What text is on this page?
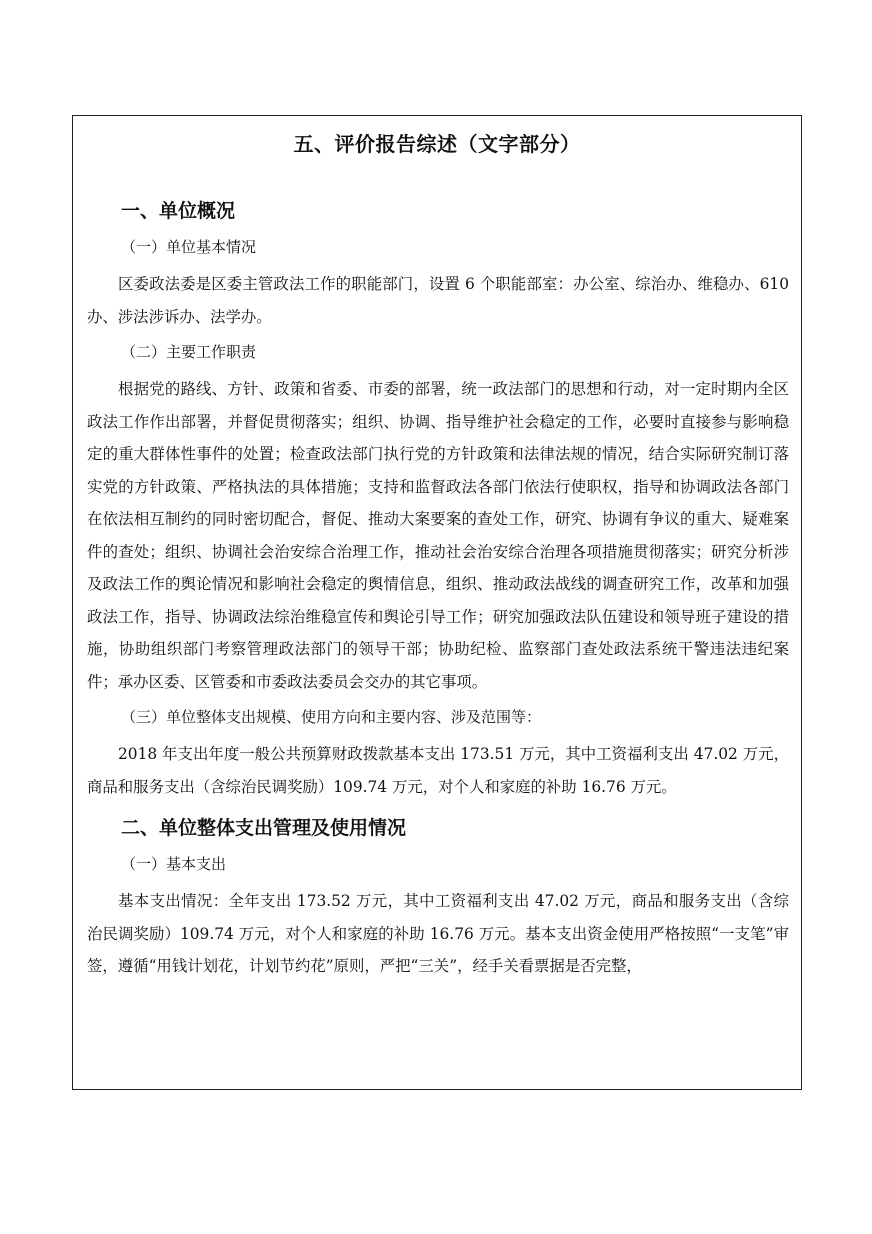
五、评价报告综述（文字部分）
一、单位概况
（一）单位基本情况

区委政法委是区委主管政法工作的职能部门，设置 6 个职能部室：办公室、综治办、维稳办、610 办、涉法涉诉办、法学办。

（二）主要工作职责

根据党的路线、方针、政策和省委、市委的部署，统一政法部门的思想和行动，对一定时期内全区政法工作作出部署，并督促贯彻落实；组织、协调、指导维护社会稳定的工作，必要时直接参与影响稳定的重大群体性事件的处置；检查政法部门执行党的方针政策和法律法规的情况，结合实际研究制订落实党的方针政策、严格执法的具体措施；支持和监督政法各部门依法行使职权，指导和协调政法各部门在依法相互制约的同时密切配合，督促、推动大案要案的查处工作，研究、协调有争议的重大、疑难案件的查处；组织、协调社会治安综合治理工作，推动社会治安综合治理各项措施贯彻落实；研究分析涉及政法工作的舆论情况和影响社会稳定的舆情信息，组织、推动政法战线的调查研究工作，改革和加强政法工作，指导、协调政法综治维稳宣传和舆论引导工作；研究加强政法队伍建设和领导班子建设的措施，协助组织部门考察管理政法部门的领导干部；协助纪检、监察部门查处政法系统干警违法违纪案件；承办区委、区管委和市委政法委员会交办的其它事项。

（三）单位整体支出规模、使用方向和主要内容、涉及范围等：

2018 年支出年度一般公共预算财政拨款基本支出 173.51 万元，其中工资福利支出 47.02 万元，商品和服务支出（含综治民调奖励）109.74 万元，对个人和家庭的补助 16.76 万元。

二、单位整体支出管理及使用情况
（一）基本支出

基本支出情况：全年支出 173.52 万元，其中工资福利支出 47.02 万元，商品和服务支出（含综治民调奖励）109.74 万元，对个人和家庭的补助 16.76 万元。基本支出资金使用严格按照“一支笔”审签，遵循“用钱计划花，计划节约花”原则，严把“三关”，经手关看票据是否完整，
